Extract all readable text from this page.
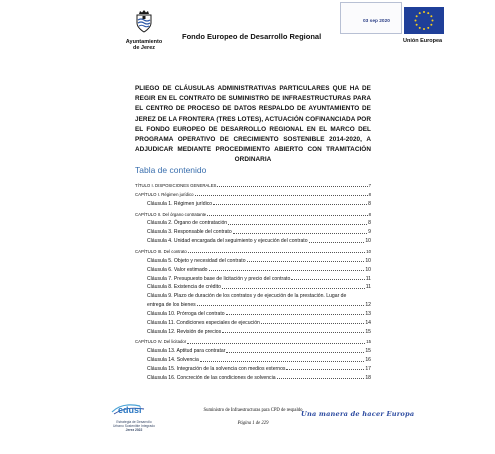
Ayuntamiento
de Jerez
Fondo Europeo de Desarrollo Regional
03 sep 2020
Unión Europea
PLIEGO DE CLÁUSULAS ADMINISTRATIVAS PARTICULARES QUE HA DE REGIR EN EL CONTRATO DE SUMINISTRO DE INFRAESTRUCTURAS PARA EL CENTRO DE PROCESO DE DATOS RESPALDO DE AYUNTAMIENTO DE JEREZ DE LA FRONTERA (TRES LOTES), ACTUACIÓN COFINANCIADA POR EL FONDO EUROPEO DE DESARROLLO REGIONAL EN EL MARCO DEL PROGRAMA OPERATIVO DE CRECIMIENTO SOSTENIBLE 2014-2020, A ADJUDICAR MEDIANTE PROCEDIMIENTO ABIERTO CON TRAMITACIÓN ORDINARIA
Tabla de contenido
TÍTULO I. DISPOSICIONES GENERALES	7
CAPÍTULO I. Régimen jurídico	8
Cláusula 1. Régimen jurídico	8
CAPÍTULO II. Del órgano contratante	8
Cláusula 2. Órgano de contratación	8
Cláusula 3. Responsable del contrato	9
Cláusula 4. Unidad encargada del seguimiento y ejecución del contrato	10
CAPÍTULO III. Del contrato	10
Cláusula 5. Objeto y necesidad del contrato	10
Cláusula 6. Valor estimado	10
Cláusula 7. Presupuesto base de licitación y precio del contrato	11
Cláusula 8. Existencia de crédito	11
Cláusula 9. Plazo de duración de los contratos y de ejecución de la prestación. Lugar de
entrega de los bienes	12
Cláusula 10. Prórroga del contrato	13
Cláusula 11. Condiciones especiales de ejecución	14
Cláusula 12. Revisión de precios	15
CAPÍTULO IV. Del licitador	15
Cláusula 13. Aptitud para contratar	15
Cláusula 14. Solvencia	16
Cláusula 15. Integración de la solvencia con medios externos	17
Cláusula 16. Concreción de las condiciones de solvencia	18
edusi
Estrategia de Desarrollo
Urbano Sostenible Integrado
Jerez 2022
Suministro de Infraestructuras para CPD de respaldo
Página 1 de 229
Una manera de hacer Europa
